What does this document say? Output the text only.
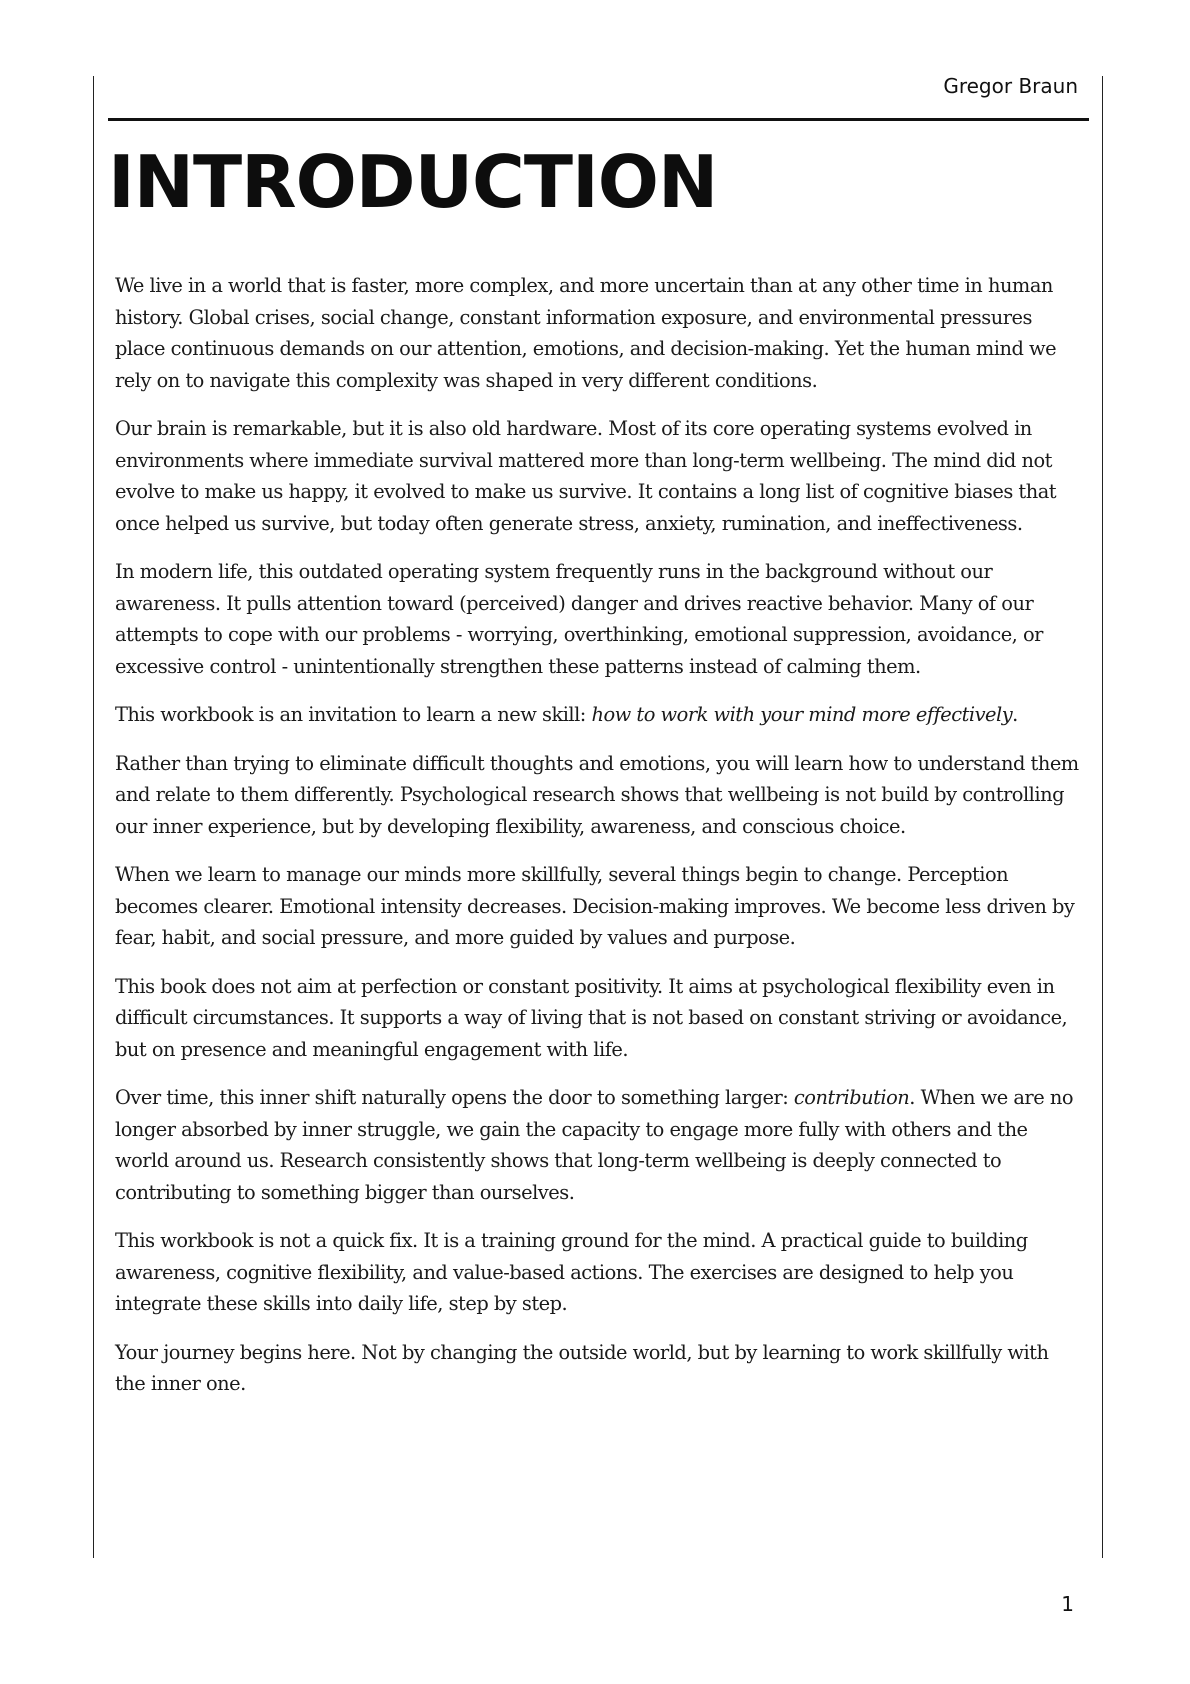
Gregor Braun

INTRODUCTION

We live in a world that is faster, more complex, and more uncertain than at any other time in human history. Global crises, social change, constant information exposure, and environmental pressures place continuous demands on our attention, emotions, and decision-making. Yet the human mind we rely on to navigate this complexity was shaped in very different conditions.

Our brain is remarkable, but it is also old hardware. Most of its core operating systems evolved in environments where immediate survival mattered more than long-term wellbeing. The mind did not evolve to make us happy, it evolved to make us survive. It contains a long list of cognitive biases that once helped us survive, but today often generate stress, anxiety, rumination, and ineffectiveness.

In modern life, this outdated operating system frequently runs in the background without our awareness. It pulls attention toward (perceived) danger and drives reactive behavior. Many of our attempts to cope with our problems - worrying, overthinking, emotional suppression, avoidance, or excessive control - unintentionally strengthen these patterns instead of calming them.

This workbook is an invitation to learn a new skill: how to work with your mind more effectively.

Rather than trying to eliminate difficult thoughts and emotions, you will learn how to understand them and relate to them differently. Psychological research shows that wellbeing is not build by controlling our inner experience, but by developing flexibility, awareness, and conscious choice.

When we learn to manage our minds more skillfully, several things begin to change. Perception becomes clearer. Emotional intensity decreases. Decision-making improves. We become less driven by fear, habit, and social pressure, and more guided by values and purpose.

This book does not aim at perfection or constant positivity. It aims at psychological flexibility even in difficult circumstances. It supports a way of living that is not based on constant striving or avoidance, but on presence and meaningful engagement with life.

Over time, this inner shift naturally opens the door to something larger: contribution. When we are no longer absorbed by inner struggle, we gain the capacity to engage more fully with others and the world around us. Research consistently shows that long-term wellbeing is deeply connected to contributing to something bigger than ourselves.

This workbook is not a quick fix. It is a training ground for the mind. A practical guide to building awareness, cognitive flexibility, and value-based actions. The exercises are designed to help you integrate these skills into daily life, step by step.

Your journey begins here. Not by changing the outside world, but by learning to work skillfully with the inner one.

1
